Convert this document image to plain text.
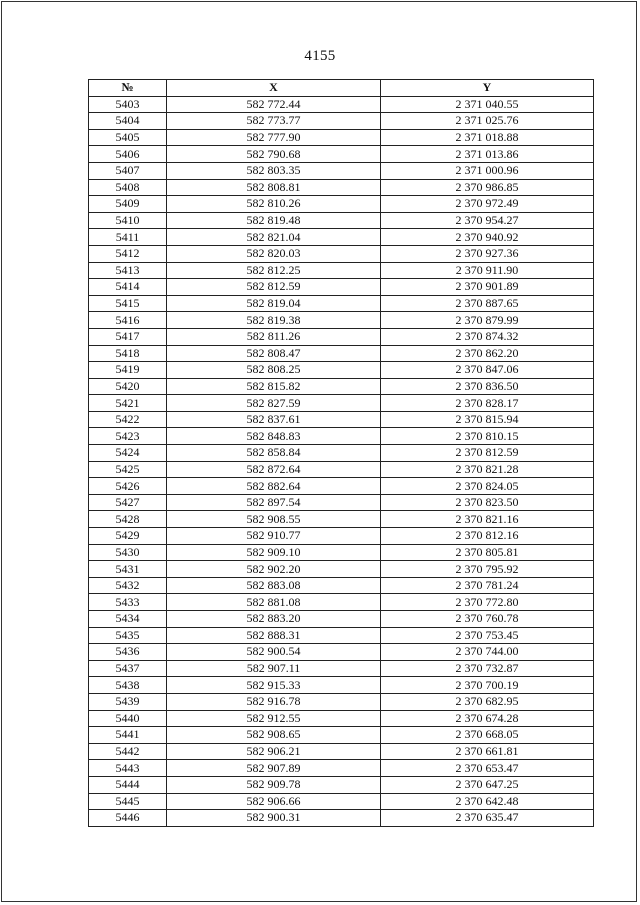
4155
№	X	Y
5403	582 772.44	2 371 040.55
5404	582 773.77	2 371 025.76
5405	582 777.90	2 371 018.88
5406	582 790.68	2 371 013.86
5407	582 803.35	2 371 000.96
5408	582 808.81	2 370 986.85
5409	582 810.26	2 370 972.49
5410	582 819.48	2 370 954.27
5411	582 821.04	2 370 940.92
5412	582 820.03	2 370 927.36
5413	582 812.25	2 370 911.90
5414	582 812.59	2 370 901.89
5415	582 819.04	2 370 887.65
5416	582 819.38	2 370 879.99
5417	582 811.26	2 370 874.32
5418	582 808.47	2 370 862.20
5419	582 808.25	2 370 847.06
5420	582 815.82	2 370 836.50
5421	582 827.59	2 370 828.17
5422	582 837.61	2 370 815.94
5423	582 848.83	2 370 810.15
5424	582 858.84	2 370 812.59
5425	582 872.64	2 370 821.28
5426	582 882.64	2 370 824.05
5427	582 897.54	2 370 823.50
5428	582 908.55	2 370 821.16
5429	582 910.77	2 370 812.16
5430	582 909.10	2 370 805.81
5431	582 902.20	2 370 795.92
5432	582 883.08	2 370 781.24
5433	582 881.08	2 370 772.80
5434	582 883.20	2 370 760.78
5435	582 888.31	2 370 753.45
5436	582 900.54	2 370 744.00
5437	582 907.11	2 370 732.87
5438	582 915.33	2 370 700.19
5439	582 916.78	2 370 682.95
5440	582 912.55	2 370 674.28
5441	582 908.65	2 370 668.05
5442	582 906.21	2 370 661.81
5443	582 907.89	2 370 653.47
5444	582 909.78	2 370 647.25
5445	582 906.66	2 370 642.48
5446	582 900.31	2 370 635.47
